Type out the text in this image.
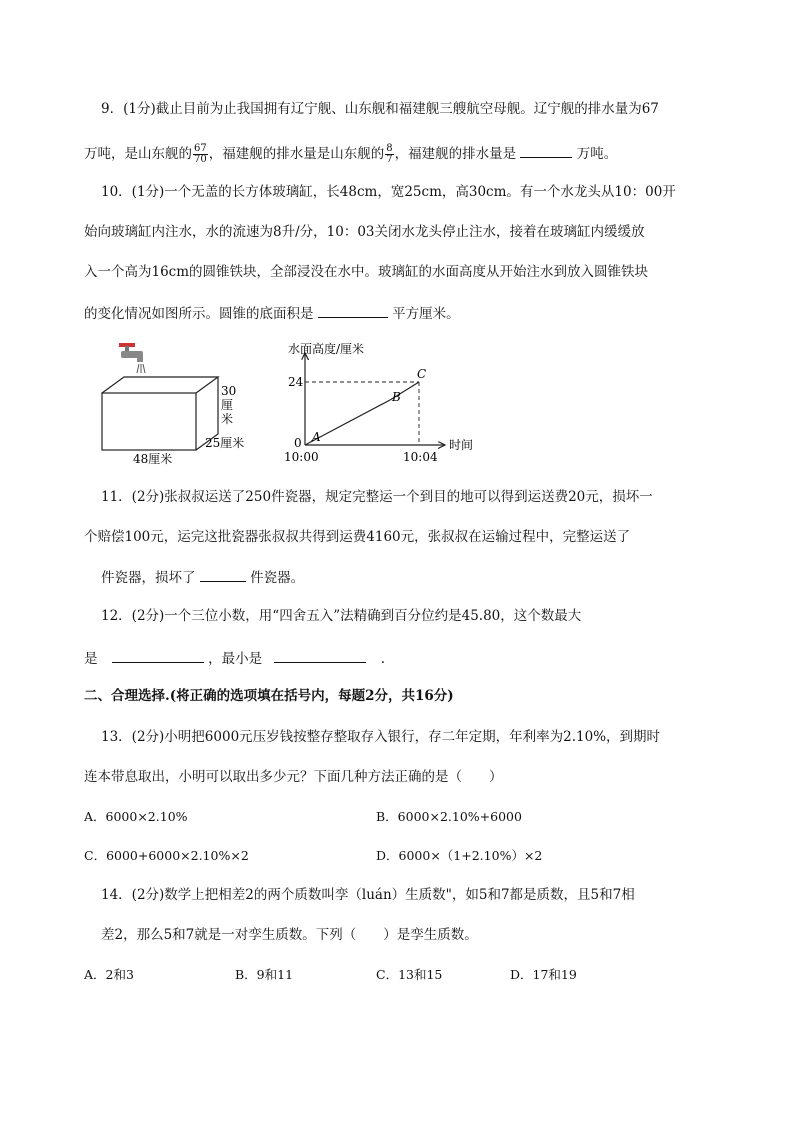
9．(1分)截止目前为止我国拥有辽宁舰、山东舰和福建舰三艘航空母舰。辽宁舰的排水量为67
万吨，是山东舰的 $\frac{67}{70}$ ，福建舰的排水量是山东舰的 $\frac{8}{7}$ ，福建舰的排水量是	万吨。
10．(1分)一个无盖的长方体玻璃缸，长48cm，宽25cm，高30cm。有一个水龙头从10：00开
始向玻璃缸内注水，水的流速为8升/分，10：03关闭水龙头停止注水，接着在玻璃缸内缓缓放
入一个高为16cm的圆锥铁块，全部浸没在水中。玻璃缸的水面高度从开始注水到放入圆锥铁块
的变化情况如图所示。圆锥的底面积是	平方厘米。
30
厘
米
25厘米
48厘米
水面高度/厘米
时间
24
0
10:00	10:04
A
B
C
11．(2分)张叔叔运送了250件瓷器，规定完整运一个到目的地可以得到运送费20元，损坏一
个赔偿100元，运完这批瓷器张叔叔共得到运费4160元，张叔叔在运输过程中，完整运送了
件瓷器，损坏了	件瓷器。
12．(2分)一个三位小数，用“四舍五入”法精确到百分位约是45.80，这个数最大
是	，最小是	.
二、合理选择.(将正确的选项填在括号内，每题2分，共16分)
13．(2分)小明把6000元压岁钱按整存整取存入银行，存二年定期，年利率为2.10%，到期时
连本带息取出，小明可以取出多少元？下面几种方法正确的是（　　）
A．6000×2.10%	B．6000×2.10%+6000
C．6000+6000×2.10%×2	D．6000×（1+2.10%）×2
14．(2分)数学上把相差2的两个质数叫孪（luán）生质数"，如5和7都是质数，且5和7相
差2，那么5和7就是一对孪生质数。下列（　　）是孪生质数。
A．2和3	B．9和11	C．13和15	D．17和19
